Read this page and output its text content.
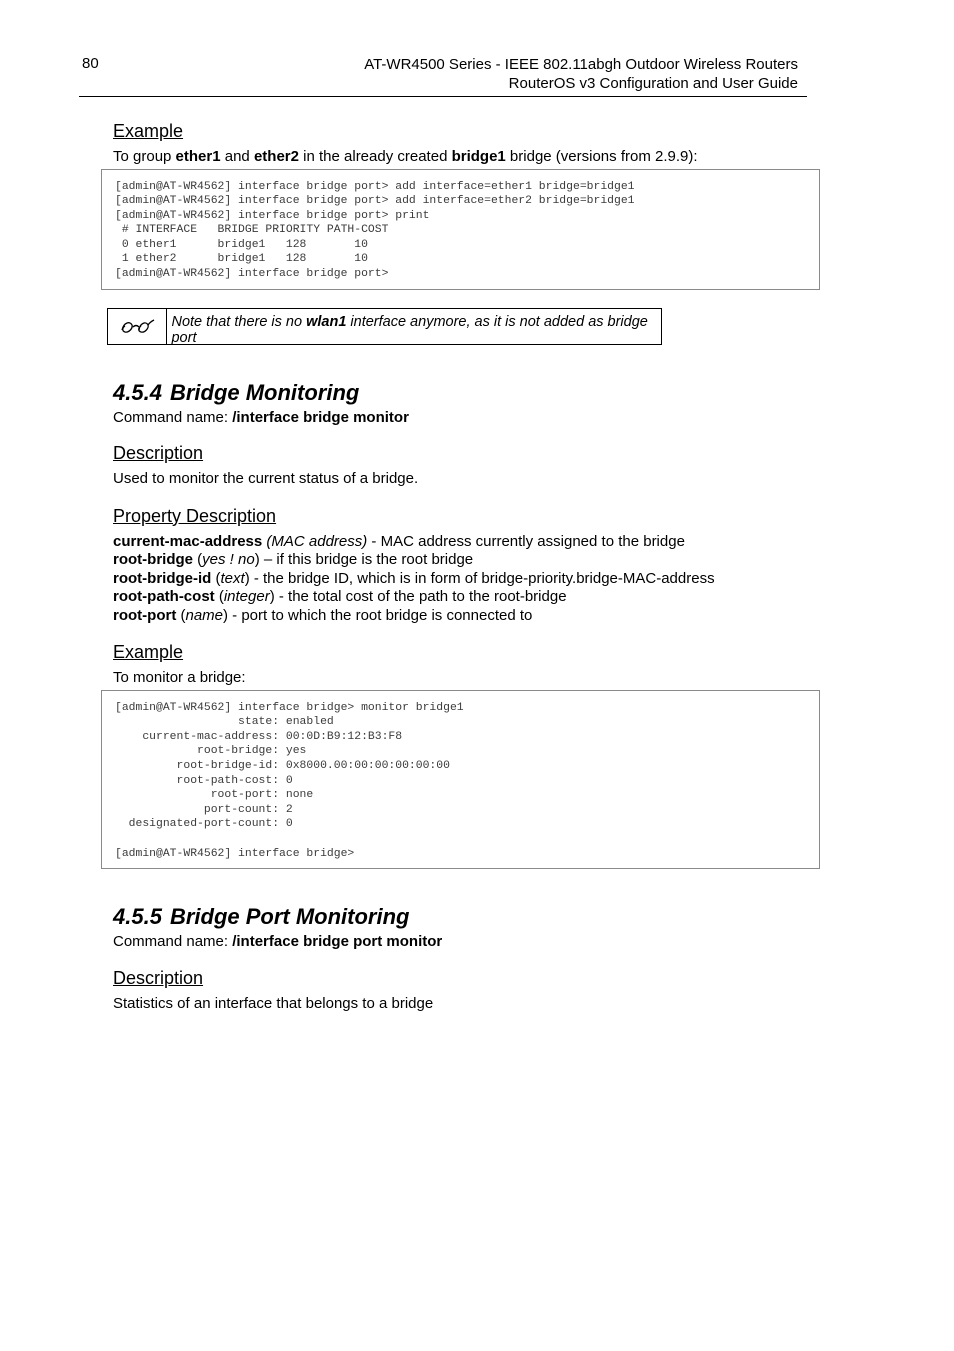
80	AT-WR4500 Series - IEEE 802.11abgh Outdoor Wireless Routers
RouterOS v3 Configuration and User Guide
Example

To group ether1 and ether2 in the already created bridge1 bridge (versions from 2.9.9):

[admin@AT-WR4562] interface bridge port> add interface=ether1 bridge=bridge1
[admin@AT-WR4562] interface bridge port> add interface=ether2 bridge=bridge1
[admin@AT-WR4562] interface bridge port> print
# INTERFACE   BRIDGE PRIORITY PATH-COST
0 ether1      bridge1   128       10
1 ether2      bridge1   128       10
[admin@AT-WR4562] interface bridge port>
Note that there is no wlan1 interface anymore, as it is not added as bridge port
4.5.4 Bridge Monitoring

Command name: /interface bridge monitor

Description

Used to monitor the current status of a bridge.

Property Description

current-mac-address (MAC address) - MAC address currently assigned to the bridge

root-bridge (yes ! no) – if this bridge is the root bridge

root-bridge-id (text) - the bridge ID, which is in form of bridge-priority.bridge-MAC-address

root-path-cost (integer) - the total cost of the path to the root-bridge

root-port (name) - port to which the root bridge is connected to

Example

To monitor a bridge:

[admin@AT-WR4562] interface bridge> monitor bridge1
state: enabled
current-mac-address: 00:0D:B9:12:B3:F8
root-bridge: yes
root-bridge-id: 0x8000.00:00:00:00:00:00
root-path-cost: 0
root-port: none
port-count: 2
designated-port-count: 0

[admin@AT-WR4562] interface bridge>
4.5.5 Bridge Port Monitoring

Command name: /interface bridge port monitor

Description

Statistics of an interface that belongs to a bridge
